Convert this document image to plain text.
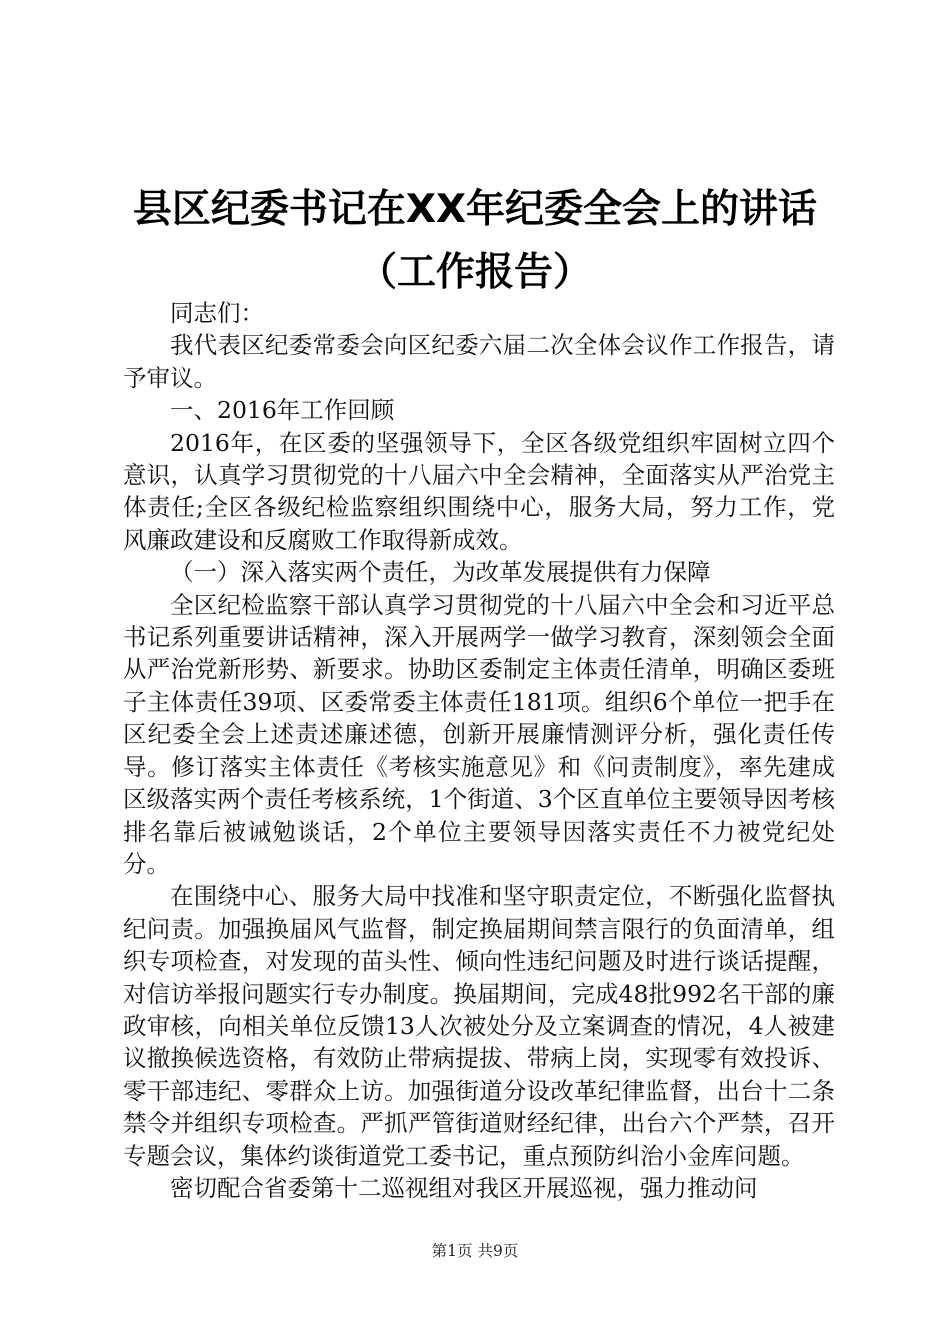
县区纪委书记在XX年纪委全会上的讲话（工作报告）

同志们：

我代表区纪委常委会向区纪委六届二次全体会议作工作报告，请予审议。

一、2016年工作回顾

2016年，在区委的坚强领导下，全区各级党组织牢固树立四个意识，认真学习贯彻党的十八届六中全会精神，全面落实从严治党主体责任;全区各级纪检监察组织围绕中心，服务大局，努力工作，党风廉政建设和反腐败工作取得新成效。

（一）深入落实两个责任，为改革发展提供有力保障

全区纪检监察干部认真学习贯彻党的十八届六中全会和习近平总书记系列重要讲话精神，深入开展两学一做学习教育，深刻领会全面从严治党新形势、新要求。协助区委制定主体责任清单，明确区委班子主体责任39项、区委常委主体责任181项。组织6个单位一把手在区纪委全会上述责述廉述德，创新开展廉情测评分析，强化责任传导。修订落实主体责任《考核实施意见》和《问责制度》，率先建成区级落实两个责任考核系统，1个街道、3个区直单位主要领导因考核排名靠后被诫勉谈话，2个单位主要领导因落实责任不力被党纪处分。

在围绕中心、服务大局中找准和坚守职责定位，不断强化监督执纪问责。加强换届风气监督，制定换届期间禁言限行的负面清单，组织专项检查，对发现的苗头性、倾向性违纪问题及时进行谈话提醒，对信访举报问题实行专办制度。换届期间，完成48批992名干部的廉政审核，向相关单位反馈13人次被处分及立案调查的情况，4人被建议撤换候选资格，有效防止带病提拔、带病上岗，实现零有效投诉、零干部违纪、零群众上访。加强街道分设改革纪律监督，出台十二条禁令并组织专项检查。严抓严管街道财经纪律，出台六个严禁，召开专题会议，集体约谈街道党工委书记，重点预防纠治小金库问题。

密切配合省委第十二巡视组对我区开展巡视，强力推动问

第1页 共9页
